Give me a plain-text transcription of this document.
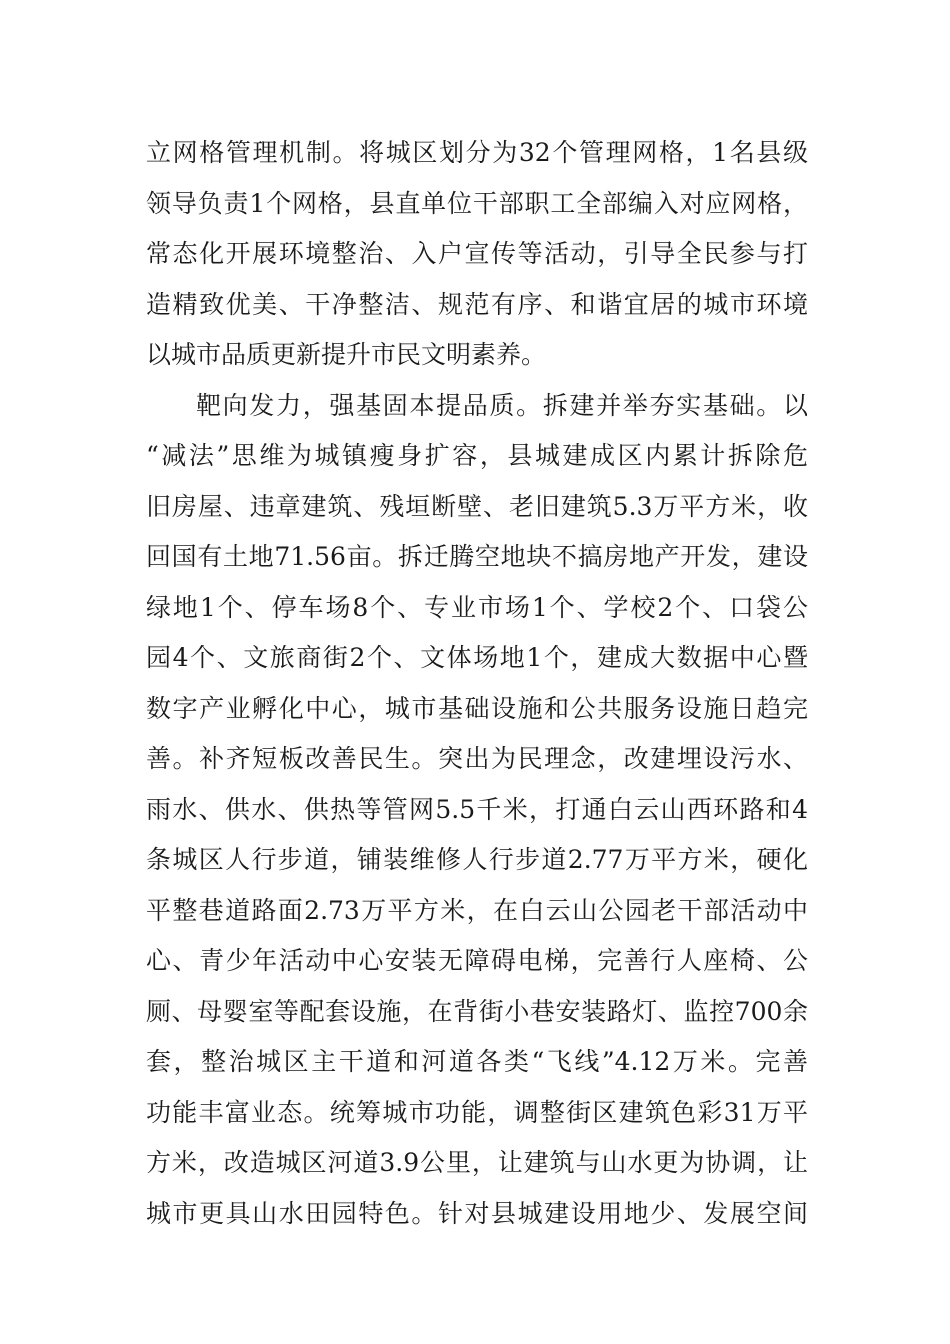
立网格管理机制。将城区划分为32个管理网格，1名县级
领导负责1个网格，县直单位干部职工全部编入对应网格，
常态化开展环境整治、入户宣传等活动，引导全民参与打
造精致优美、干净整洁、规范有序、和谐宜居的城市环境
以城市品质更新提升市民文明素养。
靶向发力，强基固本提品质。拆建并举夯实基础。以
“减法”思维为城镇瘦身扩容，县城建成区内累计拆除危
旧房屋、违章建筑、残垣断壁、老旧建筑5.3万平方米，收
回国有土地71.56亩。拆迁腾空地块不搞房地产开发，建设
绿地1个、停车场8个、专业市场1个、学校2个、口袋公
园4个、文旅商街2个、文体场地1个，建成大数据中心暨
数字产业孵化中心，城市基础设施和公共服务设施日趋完
善。补齐短板改善民生。突出为民理念，改建埋设污水、
雨水、供水、供热等管网5.5千米，打通白云山西环路和4
条城区人行步道，铺装维修人行步道2.77万平方米，硬化
平整巷道路面2.73万平方米，在白云山公园老干部活动中
心、青少年活动中心安装无障碍电梯，完善行人座椅、公
厕、母婴室等配套设施，在背街小巷安装路灯、监控700余
套，整治城区主干道和河道各类“飞线”4.12万米。完善
功能丰富业态。统筹城市功能，调整街区建筑色彩31万平
方米，改造城区河道3.9公里，让建筑与山水更为协调，让
城市更具山水田园特色。针对县城建设用地少、发展空间
